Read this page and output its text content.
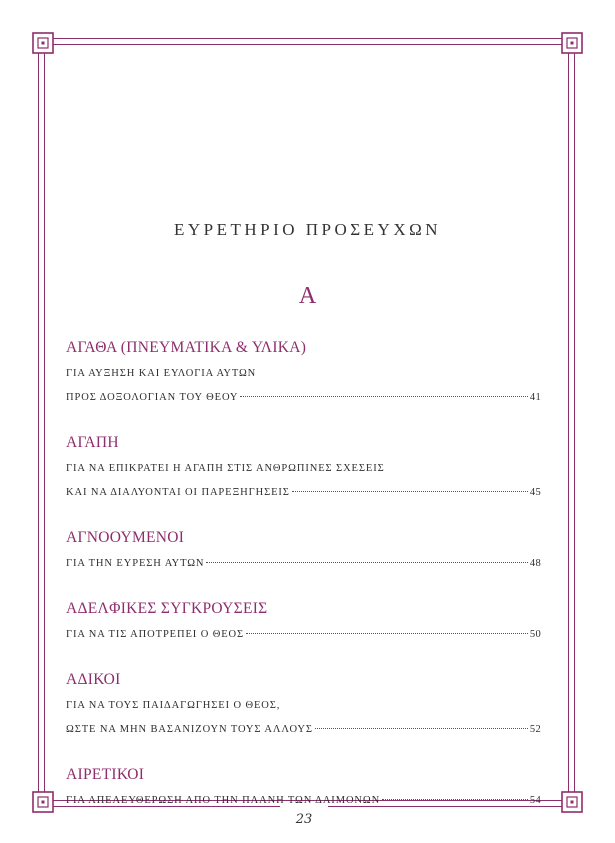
23
ΕΥΡΕΤΗΡΙΟ ΠΡΟΣΕΥΧΩΝ
Α
ΑΓΑΘΑ (ΠΝΕΥΜΑΤΙΚΑ & ΥΛΙΚΑ)
ΓΙΑ ΑΥΞΗΣΗ ΚΑΙ ΕΥΛΟΓΙΑ ΑΥΤΩΝ
ΠΡΟΣ ΔΟΞΟΛΟΓΙΑΝ ΤΟΥ ΘΕΟΥ	41
ΑΓΑΠΗ
ΓΙΑ ΝΑ ΕΠΙΚΡΑΤΕΙ Η ΑΓΑΠΗ ΣΤΙΣ ΑΝΘΡΩΠΙΝΕΣ ΣΧΕΣΕΙΣ
ΚΑΙ ΝΑ ΔΙΑΛΥΟΝΤΑΙ ΟΙ ΠΑΡΕΞΗΓΗΣΕΙΣ	45
ΑΓΝΟΟΥΜΕΝΟΙ
ΓΙΑ ΤΗΝ ΕΥΡΕΣΗ ΑΥΤΩΝ	48
ΑΔΕΛΦΙΚΕΣ ΣΥΓΚΡΟΥΣΕΙΣ
ΓΙΑ ΝΑ ΤΙΣ ΑΠΟΤΡΕΠΕΙ Ο ΘΕΟΣ	50
ΑΔΙΚΟΙ
ΓΙΑ ΝΑ ΤΟΥΣ ΠΑΙΔΑΓΩΓΗΣΕΙ Ο ΘΕΟΣ,
ΩΣΤΕ ΝΑ ΜΗΝ ΒΑΣΑΝΙΖΟΥΝ ΤΟΥΣ ΑΛΛΟΥΣ	52
ΑΙΡΕΤΙΚΟΙ
ΓΙΑ ΑΠΕΛΕΥΘΕΡΩΣΗ ΑΠΟ ΤΗΝ ΠΛΑΝΗ ΤΩΝ ΔΑΙΜΟΝΩΝ	54
